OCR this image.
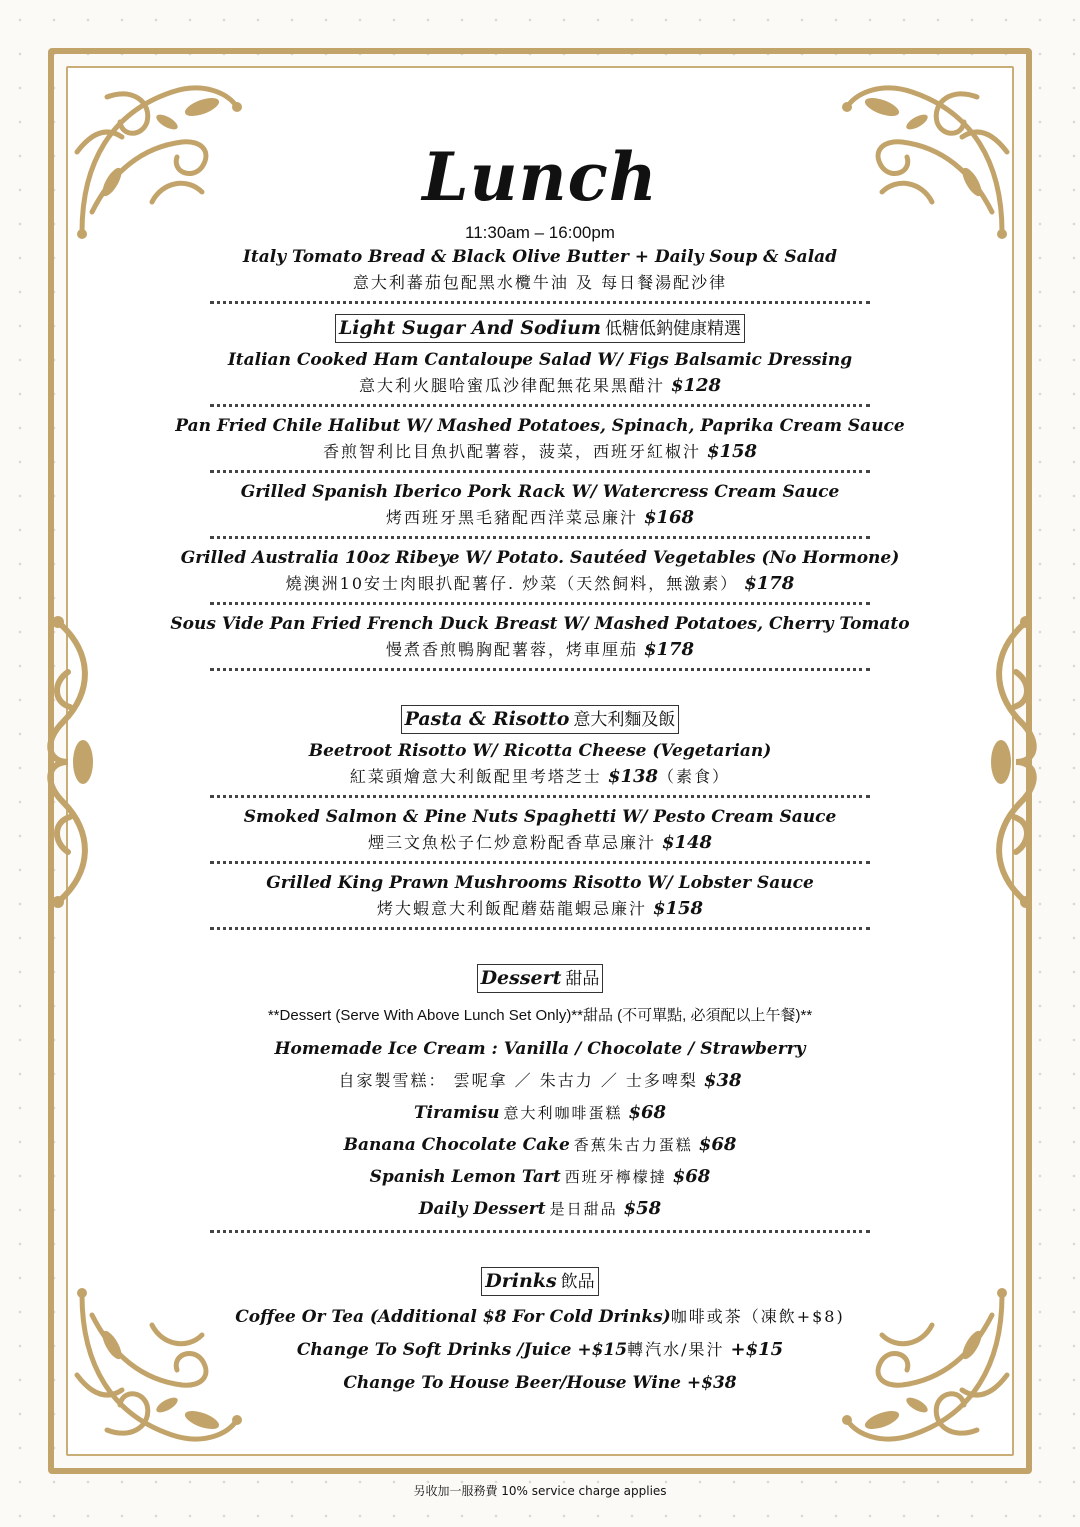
Lunch
11:30am – 16:00pm
Italy Tomato Bread & Black Olive Butter + Daily Soup & Salad
意大利蕃茄包配黑水欖牛油 及 每日餐湯配沙律
Light Sugar And Sodium 低糖低鈉健康精選
Italian Cooked Ham Cantaloupe Salad W/ Figs Balsamic Dressing
意大利火腿哈蜜瓜沙律配無花果黑醋汁 $128
Pan Fried Chile Halibut W/ Mashed Potatoes, Spinach, Paprika Cream Sauce
香煎智利比目魚扒配薯蓉，菠菜，西班牙紅椒汁 $158
Grilled Spanish Iberico Pork Rack W/ Watercress Cream Sauce
烤西班牙黑毛豬配西洋菜忌廉汁 $168
Grilled Australia 10oz Ribeye W/ Potato. Sautéed Vegetables (No Hormone)
燒澳洲10安士肉眼扒配薯仔. 炒菜（天然飼料，無激素） $178
Sous Vide Pan Fried French Duck Breast W/ Mashed Potatoes, Cherry Tomato
慢煮香煎鴨胸配薯蓉，烤車厘茄 $178
Pasta & Risotto 意大利麵及飯
Beetroot Risotto W/ Ricotta Cheese (Vegetarian)
紅菜頭燴意大利飯配里考塔芝士 $138（素食）
Smoked Salmon & Pine Nuts Spaghetti W/ Pesto Cream Sauce
煙三文魚松子仁炒意粉配香草忌廉汁 $148
Grilled King Prawn Mushrooms Risotto W/ Lobster Sauce
烤大蝦意大利飯配蘑菇龍蝦忌廉汁 $158
Dessert 甜品
**Dessert (Serve With Above Lunch Set Only)**甜品 (不可單點, 必須配以上午餐)**
Homemade Ice Cream : Vanilla / Chocolate / Strawberry
自家製雪糕： 雲呢拿 ／ 朱古力 ／ 士多啤梨 $38
Tiramisu 意大利咖啡蛋糕 $68
Banana Chocolate Cake 香蕉朱古力蛋糕 $68
Spanish Lemon Tart 西班牙檸檬撻 $68
Daily Dessert 是日甜品 $58
Drinks 飲品
Coffee Or Tea (Additional $8 For Cold Drinks)咖啡或茶（凍飲+$8)
Change To Soft Drinks /Juice +$15轉汽水/果汁 +$15
Change To House Beer/House Wine +$38
另收加一服務費 10% service charge applies
